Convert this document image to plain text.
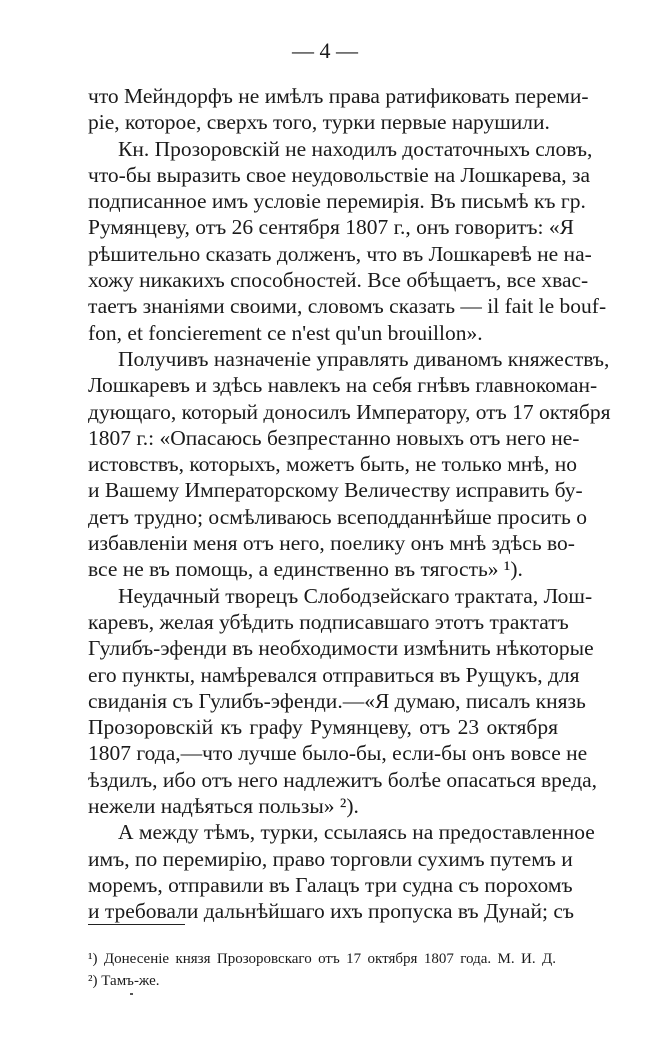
— 4 —
что Мейндорфъ не имѣлъ права ратификовать переми-
ріе, которое, сверхъ того, турки первые нарушили.
Кн. Прозоровскій не находилъ достаточныхъ словъ,
что-бы выразить свое неудовольствіе на Лошкарева, за
подписанное имъ условіе перемирія. Въ письмѣ къ гр.
Румянцеву, отъ 26 сентября 1807 г., онъ говоритъ: «Я
рѣшительно сказать долженъ, что въ Лошкаревѣ не на-
хожу никакихъ способностей. Все обѣщаетъ, все хвас-
таетъ знаніями своими, словомъ сказать — il fait le bouf-
fon, et foncierement ce n'est qu'un brouillon».
Получивъ назначеніе управлять диваномъ княжествъ,
Лошкаревъ и здѣсь навлекъ на себя гнѣвъ главнокоман-
дующаго, который доносилъ Императору, отъ 17 октября
1807 г.: «Опасаюсь безпрестанно новыхъ отъ него не-
истовствъ, которыхъ, можетъ быть, не только мнѣ, но
и Вашему Императорскому Величеству исправить бу-
детъ трудно; осмѣливаюсь всеподданнѣйше просить о
избавленіи меня отъ него, поелику онъ мнѣ здѣсь во-
все не въ помощь, а единственно въ тягость» ¹).
Неудачный творецъ Слободзейскаго трактата, Лош-
каревъ, желая убѣдить подписавшаго этотъ трактатъ
Гулибъ-эфенди въ необходимости измѣнить нѣкоторые
его пункты, намѣревался отправиться въ Рущукъ, для
свиданія съ Гулибъ-эфенди.—«Я думаю, писалъ князь
Прозоровскій къ графу Румянцеву, отъ 23 октября
1807 года,—что лучше было-бы, если-бы онъ вовсе не
ѣздилъ, ибо отъ него надлежитъ болѣе опасаться вреда,
нежели надѣяться пользы» ²).
А между тѣмъ, турки, ссылаясь на предоставленное
имъ, по перемирію, право торговли сухимъ путемъ и
моремъ, отправили въ Галацъ три судна съ порохомъ
и требовали дальнѣйшаго ихъ пропуска въ Дунай; съ
¹) Донесеніе князя Прозоровскаго отъ 17 октября 1807 года. М. И. Д.
²) Тамъ-же.
